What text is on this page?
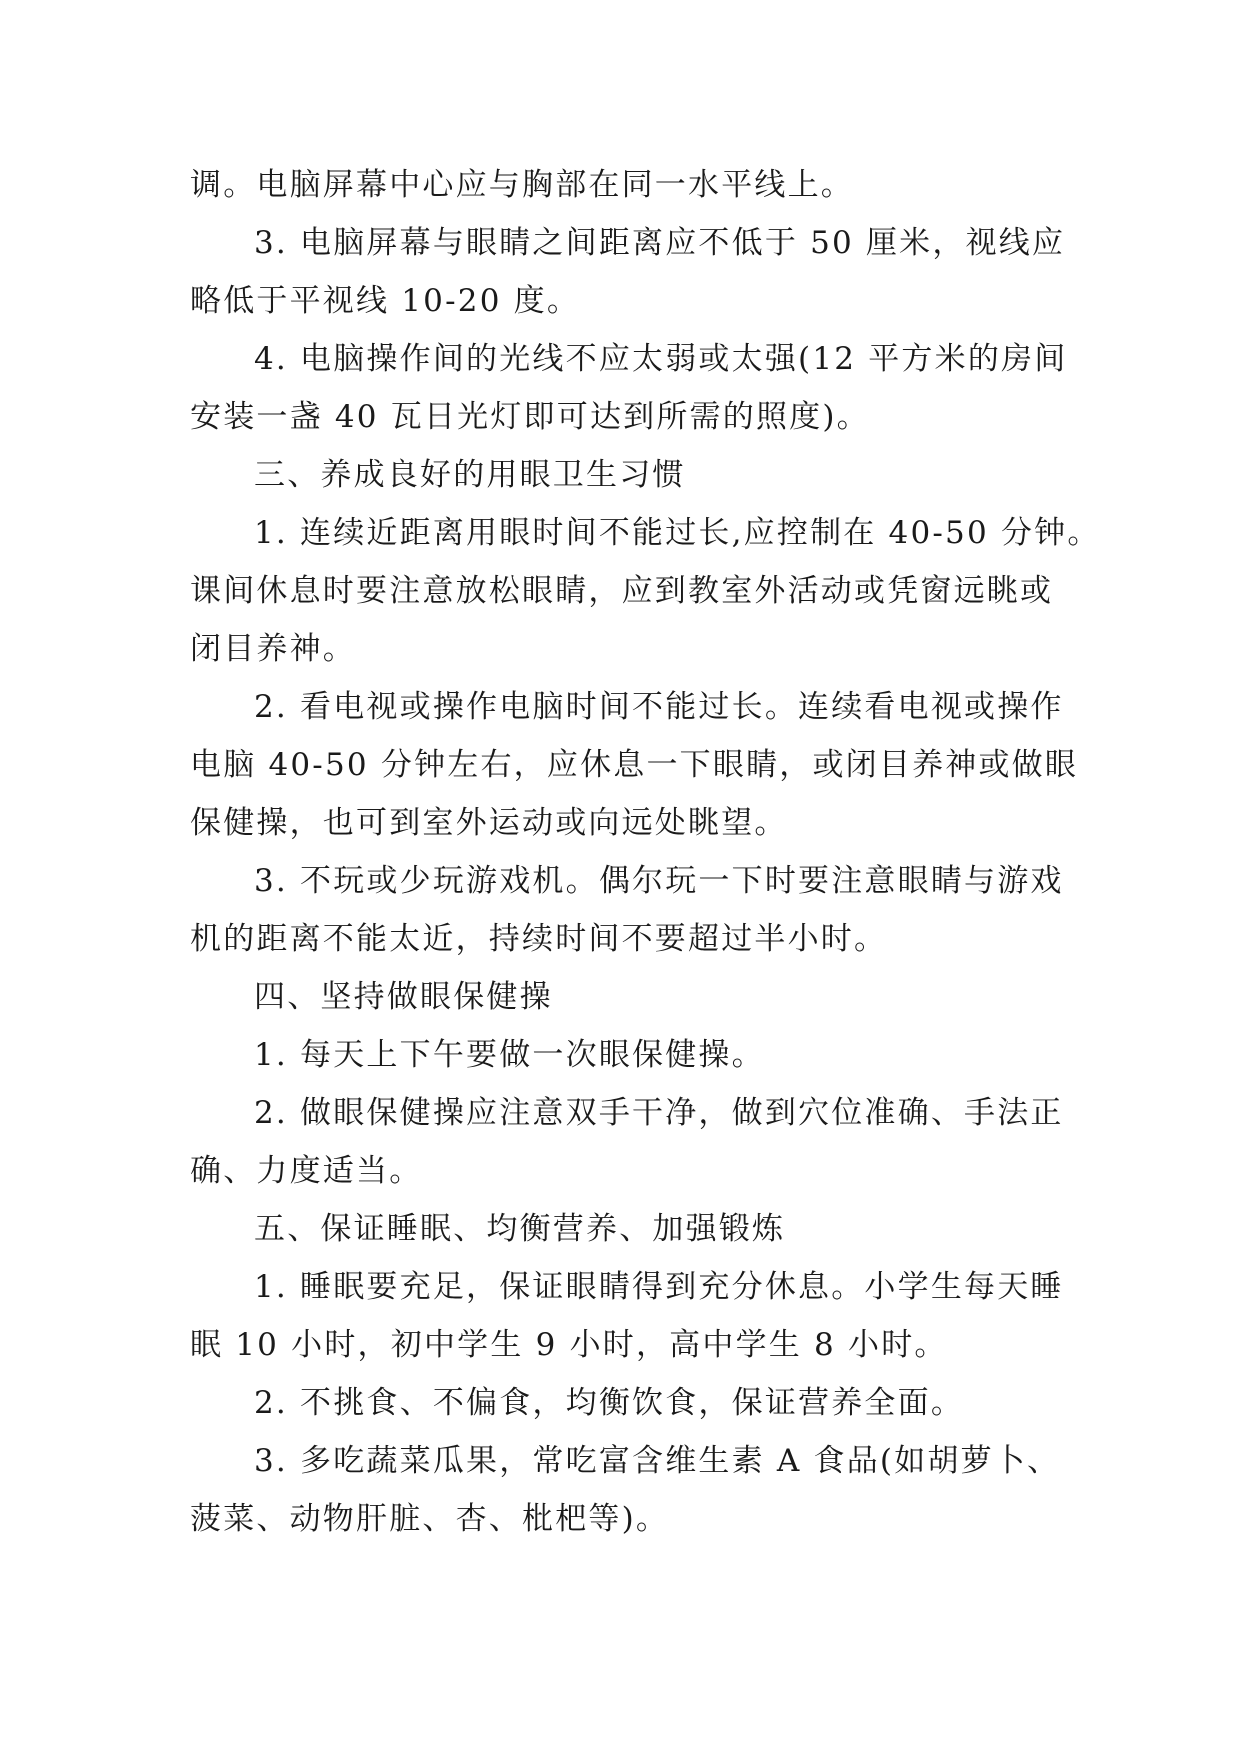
调。电脑屏幕中心应与胸部在同一水平线上。
3. 电脑屏幕与眼睛之间距离应不低于 50 厘米，视线应
略低于平视线 10-20 度。
4. 电脑操作间的光线不应太弱或太强(12 平方米的房间
安装一盏 40 瓦日光灯即可达到所需的照度)。
三、养成良好的用眼卫生习惯
1. 连续近距离用眼时间不能过长,应控制在 40-50 分钟。
课间休息时要注意放松眼睛，应到教室外活动或凭窗远眺或
闭目养神。
2. 看电视或操作电脑时间不能过长。连续看电视或操作
电脑 40-50 分钟左右，应休息一下眼睛，或闭目养神或做眼
保健操，也可到室外运动或向远处眺望。
3. 不玩或少玩游戏机。偶尔玩一下时要注意眼睛与游戏
机的距离不能太近，持续时间不要超过半小时。
四、坚持做眼保健操
1. 每天上下午要做一次眼保健操。
2. 做眼保健操应注意双手干净，做到穴位准确、手法正
确、力度适当。
五、保证睡眠、均衡营养、加强锻炼
1. 睡眠要充足，保证眼睛得到充分休息。小学生每天睡
眠 10 小时，初中学生 9 小时，高中学生 8 小时。
2. 不挑食、不偏食，均衡饮食，保证营养全面。
3. 多吃蔬菜瓜果，常吃富含维生素 A 食品(如胡萝卜、
菠菜、动物肝脏、杏、枇杷等)。
